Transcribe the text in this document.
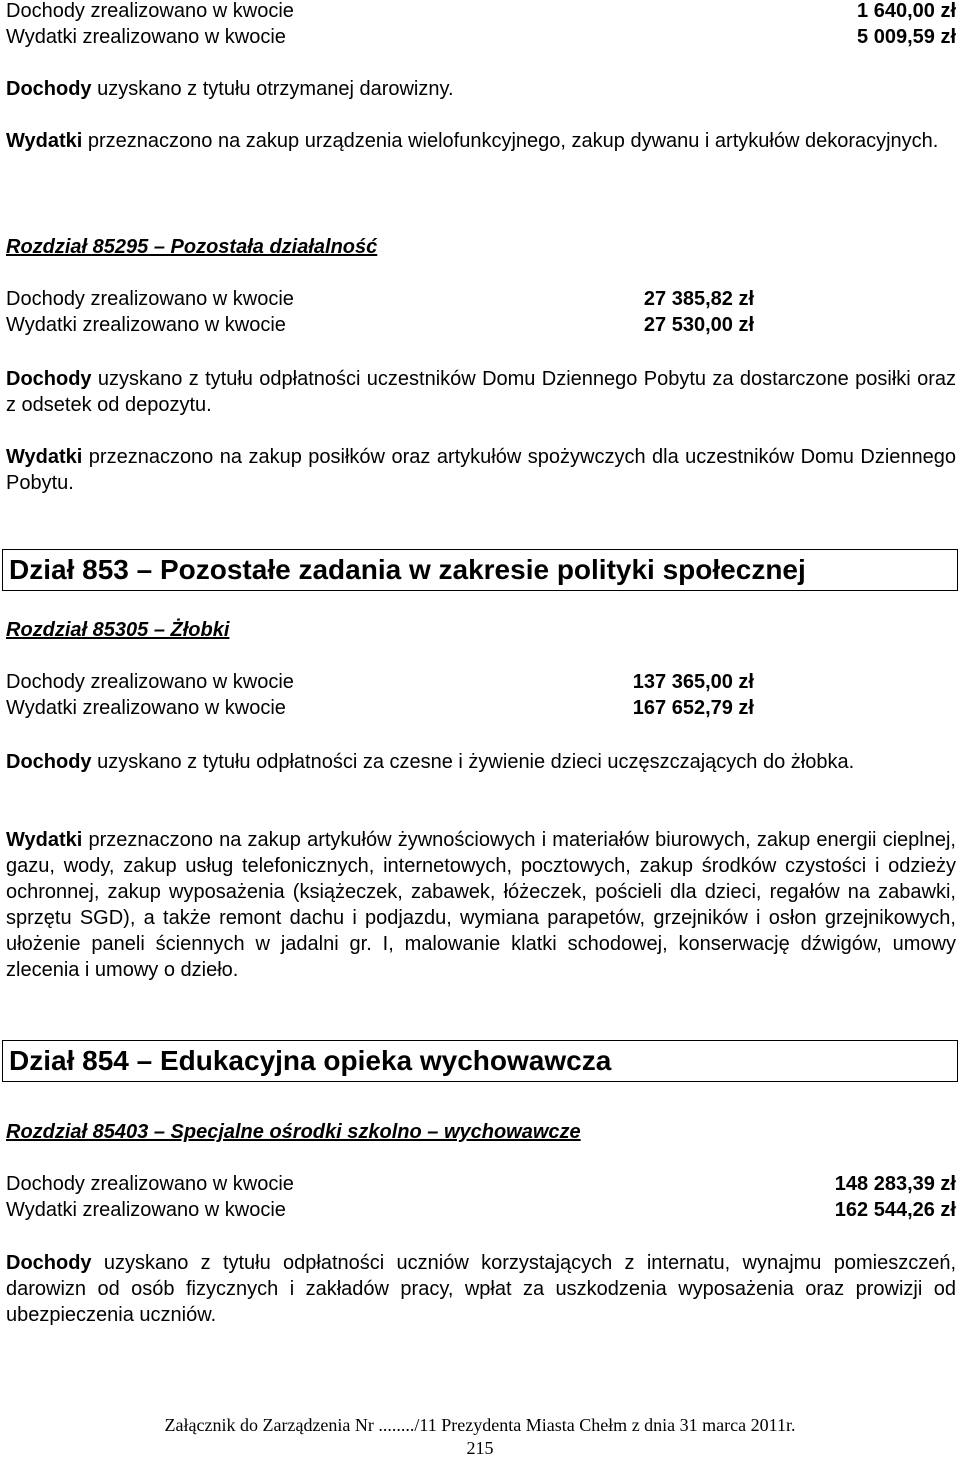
Dochody zrealizowano w kwocie
Wydatki zrealizowano w kwocie
1 640,00 zł
5 009,59 zł
Dochody uzyskano z tytułu otrzymanej darowizny.
Wydatki przeznaczono na zakup urządzenia wielofunkcyjnego, zakup dywanu i artykułów dekoracyjnych.
Rozdział 85295 – Pozostała działalność
Dochody zrealizowano w kwocie
Wydatki zrealizowano w kwocie
27 385,82 zł
27 530,00 zł
Dochody uzyskano z tytułu odpłatności uczestników Domu Dziennego Pobytu za dostarczone posiłki oraz z odsetek od depozytu.
Wydatki przeznaczono na zakup posiłków oraz artykułów spożywczych dla uczestników Domu Dziennego Pobytu.
Dział 853 – Pozostałe zadania w zakresie polityki społecznej
Rozdział 85305 – Żłobki
Dochody zrealizowano w kwocie
Wydatki zrealizowano w kwocie
137 365,00 zł
167 652,79 zł
Dochody uzyskano z tytułu odpłatności za czesne i żywienie dzieci uczęszczających do żłobka.
Wydatki przeznaczono na zakup artykułów żywnościowych i materiałów biurowych, zakup energii cieplnej, gazu, wody, zakup usług telefonicznych, internetowych, pocztowych, zakup środków czystości i odzieży ochronnej, zakup wyposażenia (książeczek, zabawek, łóżeczek, pościeli dla dzieci, regałów na zabawki, sprzętu SGD), a także remont dachu i podjazdu, wymiana parapetów, grzejników i osłon grzejnikowych, ułożenie paneli ściennych w jadalni gr. I, malowanie klatki schodowej, konserwację dźwigów, umowy zlecenia i umowy o dzieło.
Dział 854 – Edukacyjna opieka wychowawcza
Rozdział 85403 – Specjalne ośrodki szkolno – wychowawcze
Dochody zrealizowano w kwocie
Wydatki zrealizowano w kwocie
148 283,39 zł
162 544,26 zł
Dochody uzyskano z tytułu odpłatności uczniów korzystających z internatu, wynajmu pomieszczeń, darowizn od osób fizycznych i zakładów pracy, wpłat za uszkodzenia wyposażenia oraz prowizji od ubezpieczenia uczniów.
Załącznik do Zarządzenia Nr ......../11 Prezydenta Miasta Chełm z dnia 31 marca 2011r.
215
